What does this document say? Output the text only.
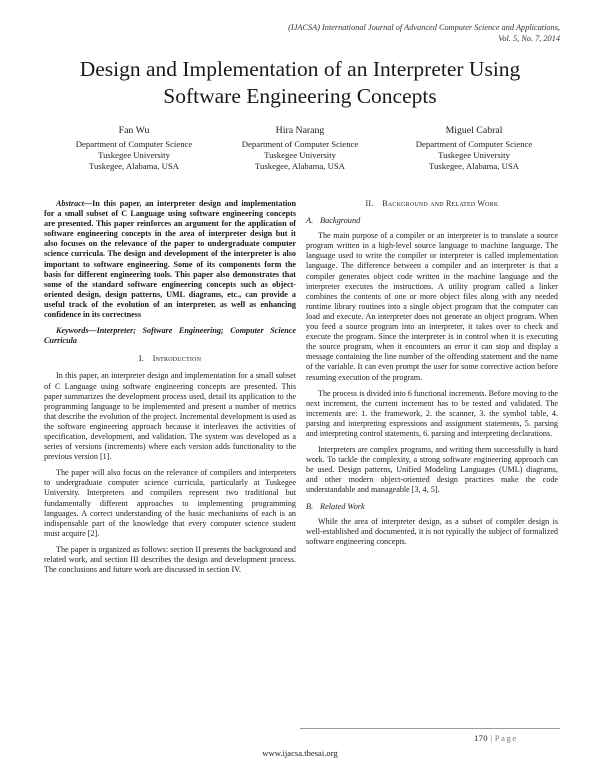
(IJACSA) International Journal of Advanced Computer Science and Applications,
Vol. 5, No. 7, 2014
Design and Implementation of an Interpreter Using Software Engineering Concepts
Fan Wu
Department of Computer Science
Tuskegee University
Tuskegee, Alabama, USA
Hira Narang
Department of Computer Science
Tuskegee University
Tuskegee, Alabama, USA
Miguel Cabral
Department of Computer Science
Tuskegee University
Tuskegee, Alabama, USA

Abstract—In this paper, an interpreter design and implementation for a small subset of C Language using software engineering concepts are presented. This paper reinforces an argument for the application of software engineering concepts in the area of interpreter design but it also focuses on the relevance of the paper to undergraduate computer science curricula. The design and development of the interpreter is also important to software engineering. Some of its components form the basis for different engineering tools. This paper also demonstrates that some of the standard software engineering concepts such as object-oriented design, design patterns, UML diagrams, etc., can provide a useful track of the evolution of an interpreter, as well as enhancing confidence in its correctness

Keywords—Interpreter; Software Engineering; Computer Science Curricula

I. Introduction

In this paper, an interpreter design and implementation for a small subset of C Language using software engineering concepts are presented. This paper summarizes the development process used, detail its application to the programming language to be implemented and present a number of metrics that describe the evolution of the project. Incremental development is used as the software engineering approach because it interleaves the activities of specification, development, and validation. The system was developed as a series of versions (increments) where each version adds functionality to the previous version [1].

The paper will also focus on the relevance of compilers and interpreters to undergraduate computer science curricula, particularly at Tuskegee University. Interpreters and compilers represent two traditional but fundamentally different approaches to implementing programming languages. A correct understanding of the basic mechanisms of each is an indispensable part of the knowledge that every computer science student must acquire [2].

The paper is organized as follows: section II presents the background and related work, and section III describes the design and development process. The conclusions and future work are discussed in section IV.

II. Background and Related Work
A. Background

The main purpose of a compiler or an interpreter is to translate a source program written in a high-level source language to machine language. The language used to write the compiler or interpreter is called implementation language. The difference between a compiler and an interpreter is that a compiler generates object code written in the machine language and the interpreter executes the instructions. A utility program called a linker combines the contents of one or more object files along with any needed runtime library routines into a single object program that the computer can load and execute. An interpreter does not generate an object program. When you feed a source program into an interpreter, it takes over to check and execute the program. Since the interpreter is in control when it is executing the source program, when it encounters an error it can stop and display a message containing the line number of the offending statement and the name of the variable. It can even prompt the user for some corrective action before resuming execution of the program.

The process is divided into 6 functional increments. Before moving to the next increment, the current increment has to be tested and validated. The increments are: 1. the framework, 2. the scanner, 3. the symbol table, 4. parsing and interpreting expressions and assignment statements, 5. parsing and interpreting control statements, 6. parsing and interpreting declarations.

Interpreters are complex programs, and writing them successfully is hard work. To tackle the complexity, a strong software engineering approach can be used. Design patterns, Unified Modeling Languages (UML) diagrams, and other modern object-oriented design practices make the code understandable and manageable [3, 4, 5].

B. Related Work

While the area of interpreter design, as a subset of compiler design is well-established and documented, it is not typically the subject of formalized software engineering concepts.

170 | Page
www.ijacsa.thesai.org
